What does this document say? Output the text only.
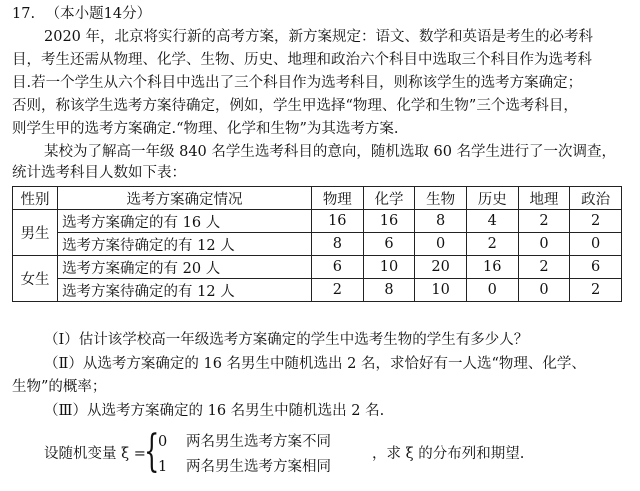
17. （本小题14分）
2020 年，北京将实行新的高考方案，新方案规定：语文、数学和英语是考生的必考科
目，考生还需从物理、化学、生物、历史、地理和政治六个科目中选取三个科目作为选考科
目.若一个学生从六个科目中选出了三个科目作为选考科目，则称该学生的选考方案确定；
否则，称该学生选考方案待确定，例如，学生甲选择“物理、化学和生物”三个选考科目，
则学生甲的选考方案确定.“物理、化学和生物”为其选考方案.
某校为了解高一年级 840 名学生选考科目的意向，随机选取 60 名学生进行了一次调查，
统计选考科目人数如下表：
性别	选考方案确定情况	物理	化学	生物	历史	地理	政治
男生	选考方案确定的有 16 人	16	16	8	4	2	2
	选考方案待确定的有 12 人	8	6	0	2	0	0
女生	选考方案确定的有 20 人	6	10	20	16	2	6
	选考方案待确定的有 12 人	2	8	10	0	0	2
（Ⅰ）估计该学校高一年级选考方案确定的学生中选考生物的学生有多少人？
（Ⅱ）从选考方案确定的 16 名男生中随机选出 2 名，求恰好有一人选“物理、化学、
生物”的概率；
（Ⅲ）从选考方案确定的 16 名男生中随机选出 2 名.
设随机变量 ξ =
{
0 两名男生选考方案不同
1 两名男生选考方案相同
，求 ξ 的分布列和期望.
